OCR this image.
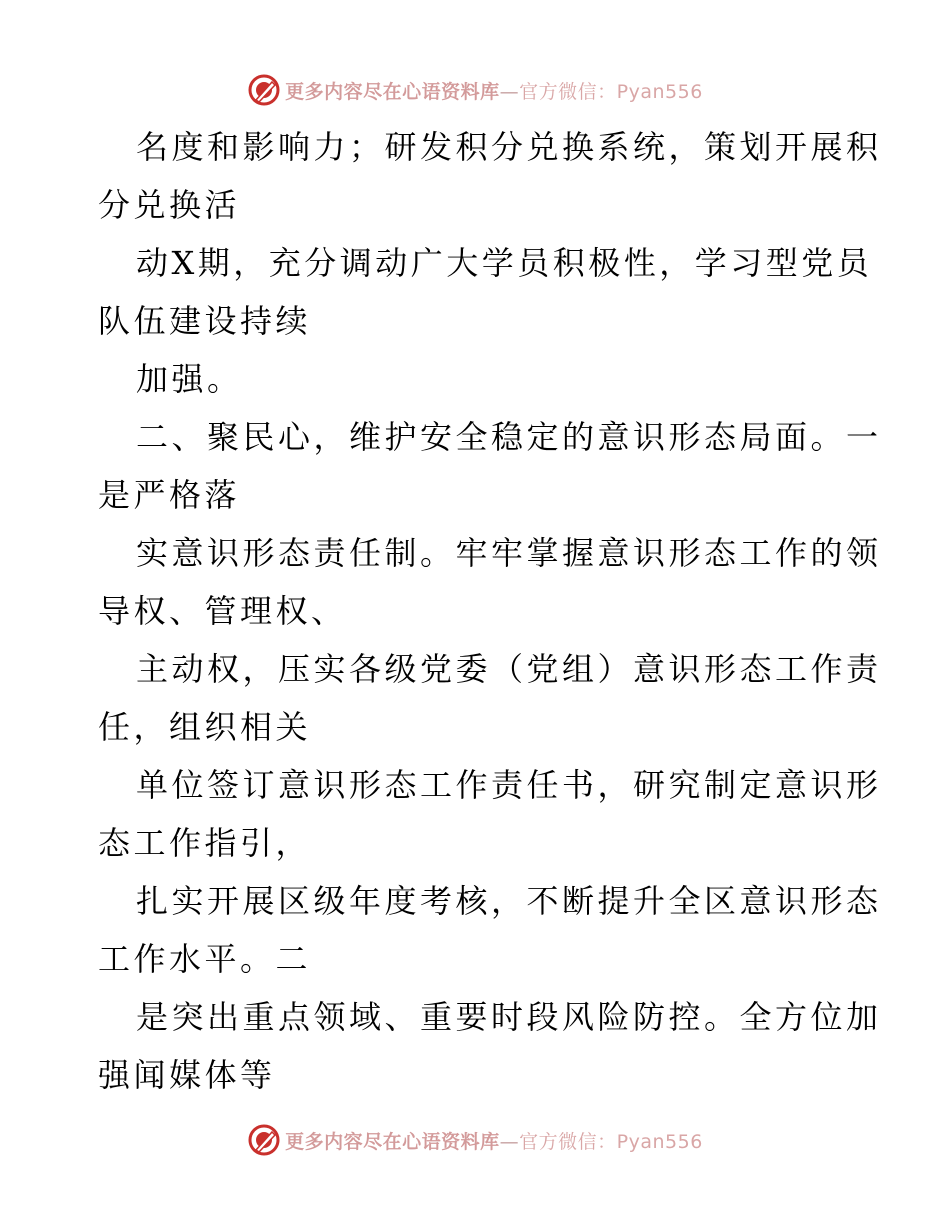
更多内容尽在心语资料库—官方微信：Pyan556
名度和影响力；研发积分兑换系统，策划开展积
分兑换活
动X期，充分调动广大学员积极性，学习型党员
队伍建设持续
加强。
二、聚民心，维护安全稳定的意识形态局面。一
是严格落
实意识形态责任制。牢牢掌握意识形态工作的领
导权、管理权、
主动权，压实各级党委（党组）意识形态工作责
任，组织相关
单位签订意识形态工作责任书，研究制定意识形
态工作指引，
扎实开展区级年度考核，不断提升全区意识形态
工作水平。二
是突出重点领域、重要时段风险防控。全方位加
强闻媒体等
更多内容尽在心语资料库—官方微信：Pyan556
